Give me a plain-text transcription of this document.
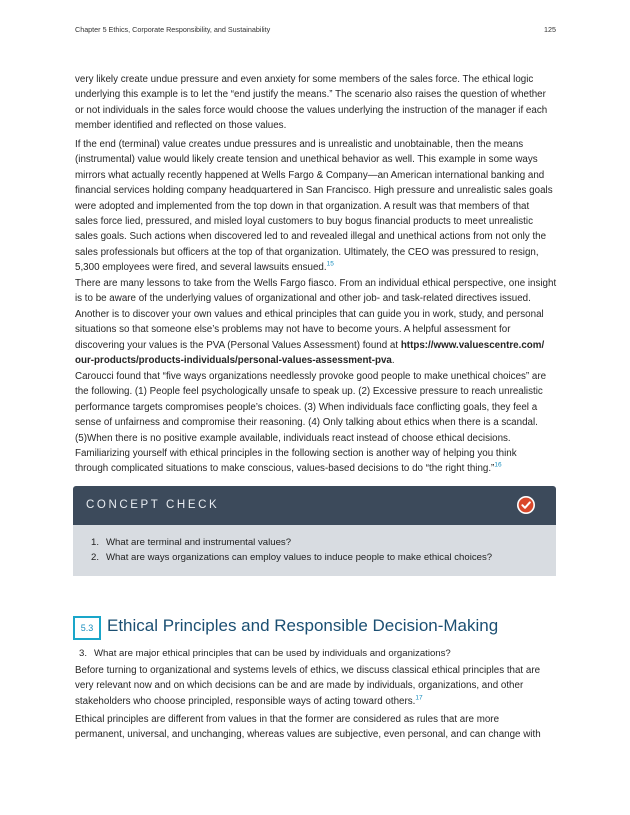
Chapter 5 Ethics, Corporate Responsibility, and Sustainability	125

very likely create undue pressure and even anxiety for some members of the sales force. The ethical logic

underlying this example is to let the “end justify the means.” The scenario also raises the question of whether

or not individuals in the sales force would choose the values underlying the instruction of the manager if each

member identified and reflected on those values.

If the end (terminal) value creates undue pressures and is unrealistic and unobtainable, then the means

(instrumental) value would likely create tension and unethical behavior as well. This example in some ways

mirrors what actually recently happened at Wells Fargo & Company—an American international banking and

financial services holding company headquartered in San Francisco. High pressure and unrealistic sales goals

were adopted and implemented from the top down in that organization. A result was that members of that

sales force lied, pressured, and misled loyal customers to buy bogus financial products to meet unrealistic

sales goals. Such actions when discovered led to and revealed illegal and unethical actions from not only the

sales professionals but officers at the top of that organization. Ultimately, the CEO was pressured to resign,

5,300 employees were fired, and several lawsuits ensued.$^{15}$

There are many lessons to take from the Wells Fargo fiasco. From an individual ethical perspective, one insight

is to be aware of the underlying values of organizational and other job- and task-related directives issued.

Another is to discover your own values and ethical principles that can guide you in work, study, and personal

situations so that someone else’s problems may not have to become yours. A helpful assessment for

discovering your values is the PVA (Personal Values Assessment) found at https://www.valuescentre.com/

our-products/products-individuals/personal-values-assessment-pva.

Caroucci found that “five ways organizations needlessly provoke good people to make unethical choices” are

the following. (1) People feel psychologically unsafe to speak up. (2) Excessive pressure to reach unrealistic

performance targets compromises people’s choices. (3) When individuals face conflicting goals, they feel a

sense of unfairness and compromise their reasoning. (4) Only talking about ethics when there is a scandal.

(5)When there is no positive example available, individuals react instead of choose ethical decisions.

Familiarizing yourself with ethical principles in the following section is another way of helping you think

through complicated situations to make conscious, values-based decisions to do “the right thing.”$^{16}$

CONCEPT CHECK
1. What are terminal and instrumental values?
2. What are ways organizations can employ values to induce people to make ethical choices?
5.3 Ethical Principles and Responsible Decision-Making
3. What are major ethical principles that can be used by individuals and organizations?

Before turning to organizational and systems levels of ethics, we discuss classical ethical principles that are

very relevant now and on which decisions can be and are made by individuals, organizations, and other

stakeholders who choose principled, responsible ways of acting toward others.$^{17}$

Ethical principles are different from values in that the former are considered as rules that are more

permanent, universal, and unchanging, whereas values are subjective, even personal, and can change with
